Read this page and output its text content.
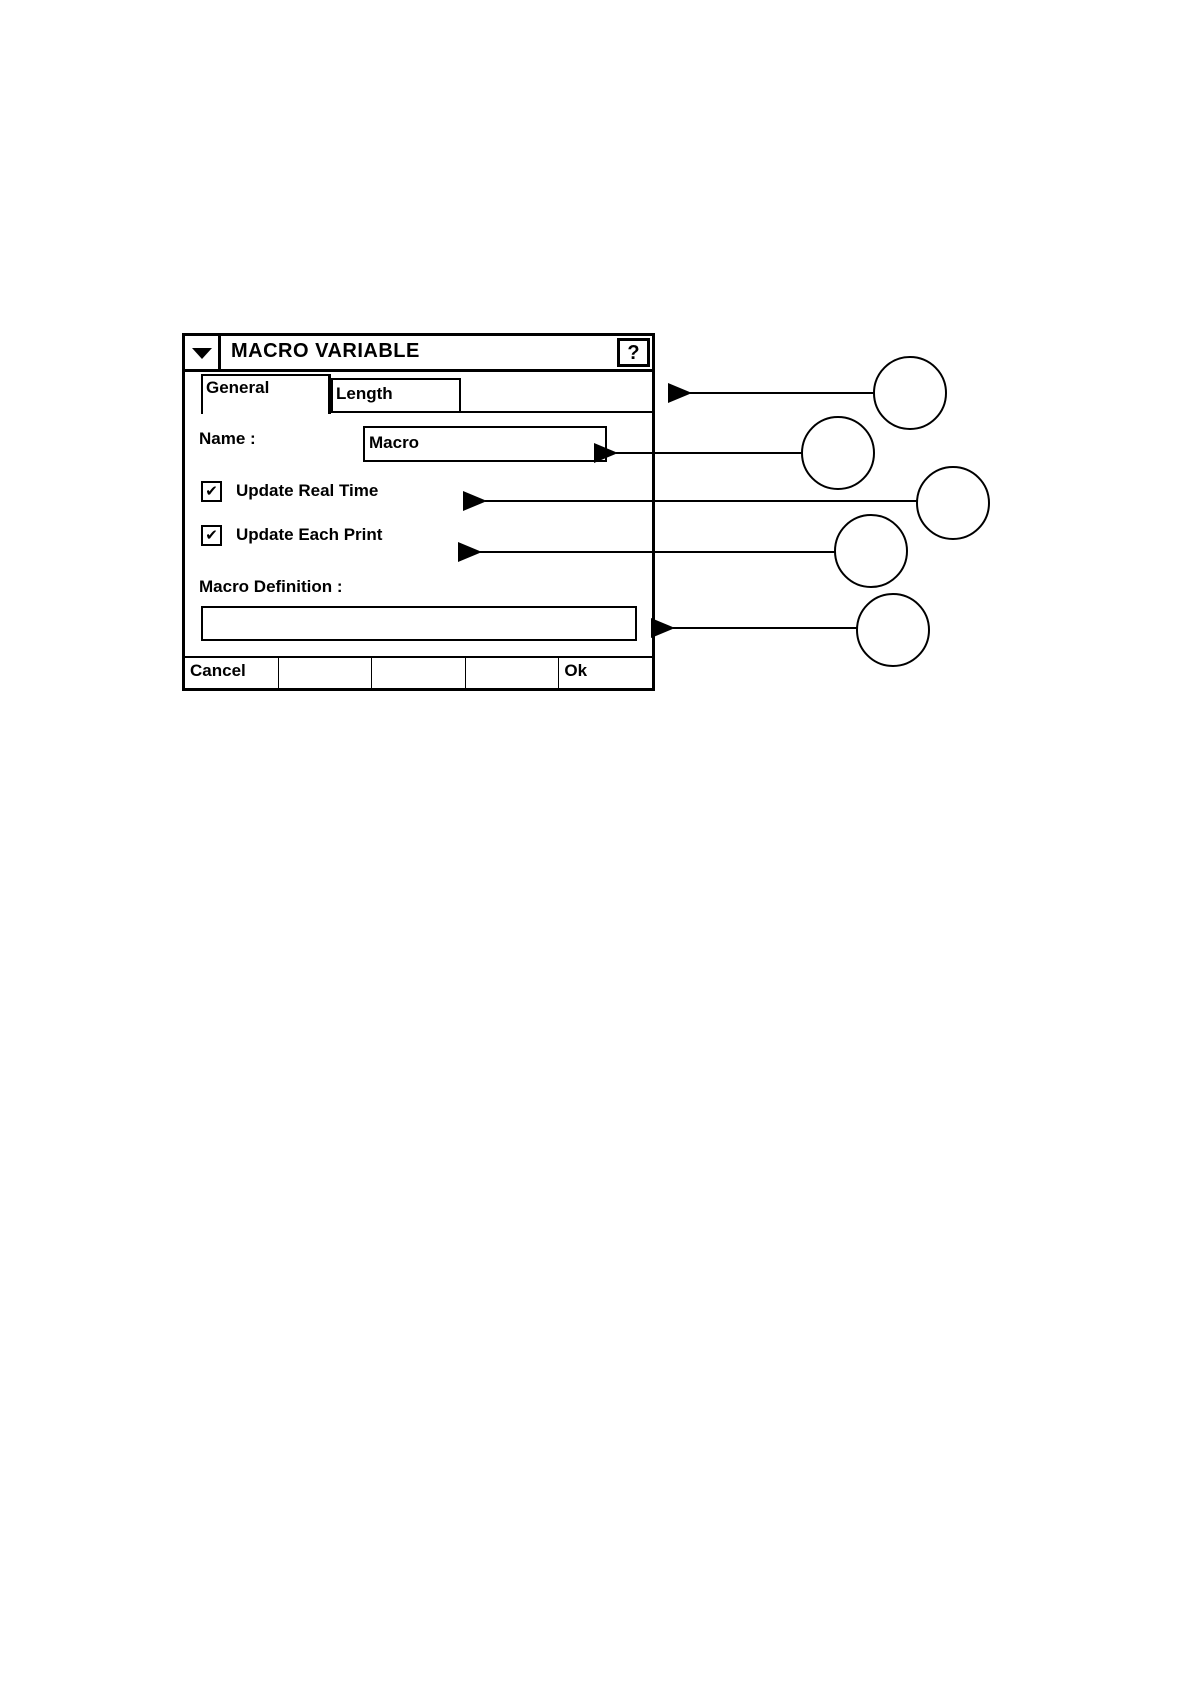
MACRO VARIABLE	?
General	Length
Name :	Macro
✔ Update Real Time
✔ Update Each Print
Macro Definition :
Cancel	Ok
